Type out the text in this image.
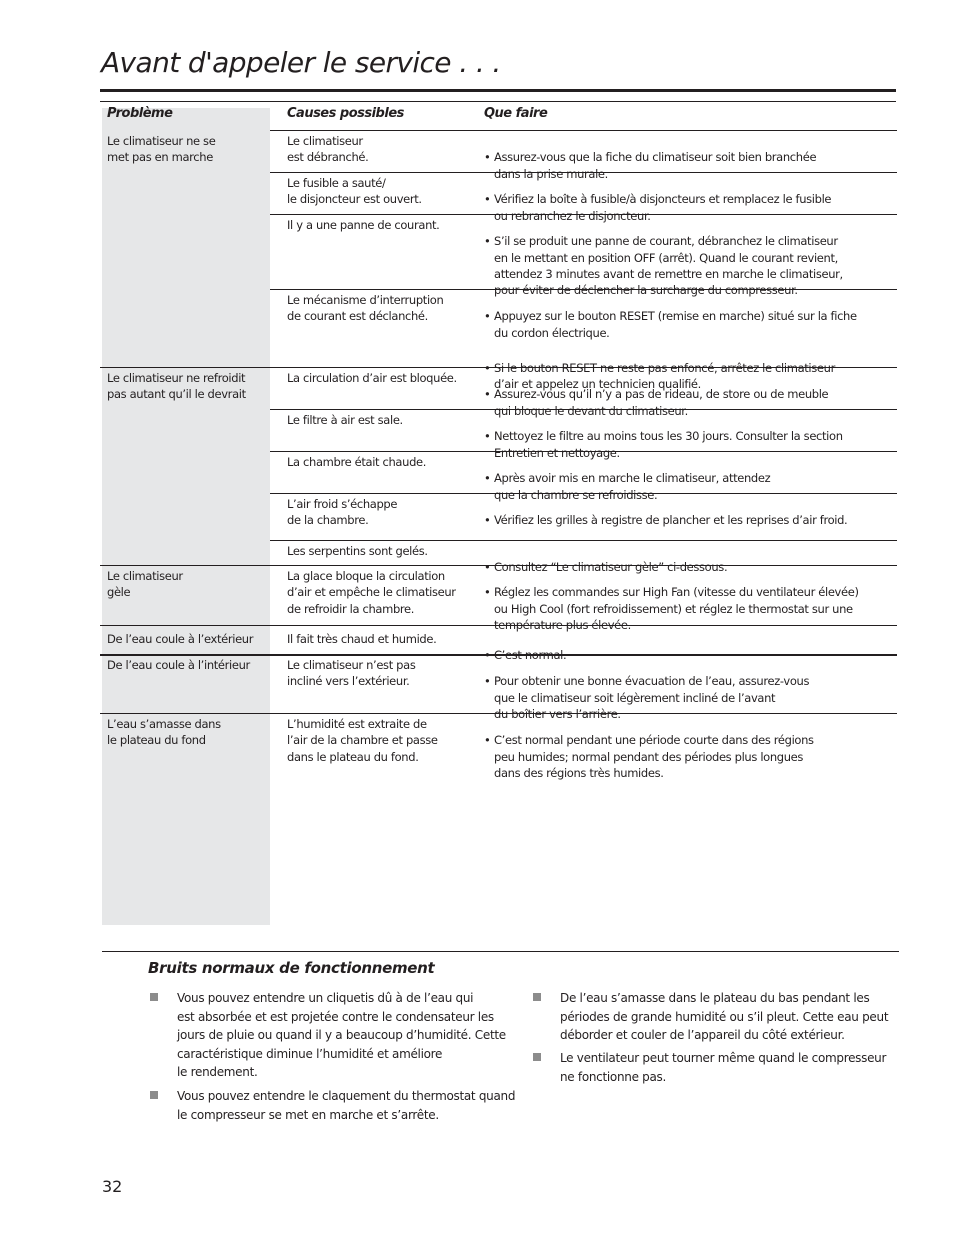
Avant d'appeler le service . . .
Problème	Causes possibles	Que faire
Le climatiseur ne se
met pas en marche
Le climatiseur ne refroidit
pas autant qu’il le devrait
Le climatiseur
gèle
De l’eau coule à l’extérieur
De l’eau coule à l’intérieur
L’eau s’amasse dans
le plateau du fond
Le climatiseur
est débranché.
Le fusible a sauté/
le disjoncteur est ouvert.
Il y a une panne de courant.
Le mécanisme d’interruption
de courant est déclanché.
La circulation d’air est bloquée.
Le filtre à air est sale.
La chambre était chaude.
L’air froid s’échappe
de la chambre.
Les serpentins sont gelés.
La glace bloque la circulation
d’air et empêche le climatiseur
de refroidir la chambre.
Il fait très chaud et humide.
Le climatiseur n’est pas
incliné vers l’extérieur.
L’humidité est extraite de
l’air de la chambre et passe
dans le plateau du fond.

• Assurez-vous que la fiche du climatiseur soit bien branchée
dans la prise murale.

• Vérifiez la boîte à fusible/à disjoncteurs et remplacez le fusible
ou rebranchez le disjoncteur.

• S’il se produit une panne de courant, débranchez le climatiseur
en le mettant en position OFF (arrêt). Quand le courant revient,
attendez 3 minutes avant de remettre en marche le climatiseur,
pour éviter de déclencher la surcharge du compresseur.

• Appuyez sur le bouton RESET (remise en marche) situé sur la fiche
du cordon électrique.

• Si le bouton RESET ne reste pas enfoncé, arrêtez le climatiseur
d’air et appelez un technicien qualifié.

• Assurez-vous qu’il n’y a pas de rideau, de store ou de meuble
qui bloque le devant du climatiseur.

• Nettoyez le filtre au moins tous les 30 jours. Consulter la section
Entretien et nettoyage.

• Après avoir mis en marche le climatiseur, attendez
que la chambre se refroidisse.

• Vérifiez les grilles à registre de plancher et les reprises d’air froid.

• Consultez “Le climatiseur gèle” ci-dessous.

• Réglez les commandes sur High Fan (vitesse du ventilateur élevée)
ou High Cool (fort refroidissement) et réglez le thermostat sur une
température plus élevée.

• C’est normal.

• Pour obtenir une bonne évacuation de l’eau, assurez-vous
que le climatiseur soit légèrement incliné de l’avant
du boîtier vers l’arrière.

• C’est normal pendant une période courte dans des régions
peu humides; normal pendant des périodes plus longues
dans des régions très humides.

Bruits normaux de fonctionnement
Vous pouvez entendre un cliquetis dû à de l’eau qui
est absorbée et est projetée contre le condensateur les
jours de pluie ou quand il y a beaucoup d’humidité. Cette
caractéristique diminue l’humidité et améliore
le rendement.
Vous pouvez entendre le claquement du thermostat quand
le compresseur se met en marche et s’arrête.
De l’eau s’amasse dans le plateau du bas pendant les
périodes de grande humidité ou s’il pleut. Cette eau peut
déborder et couler de l’appareil du côté extérieur.
Le ventilateur peut tourner même quand le compresseur
ne fonctionne pas.
32
